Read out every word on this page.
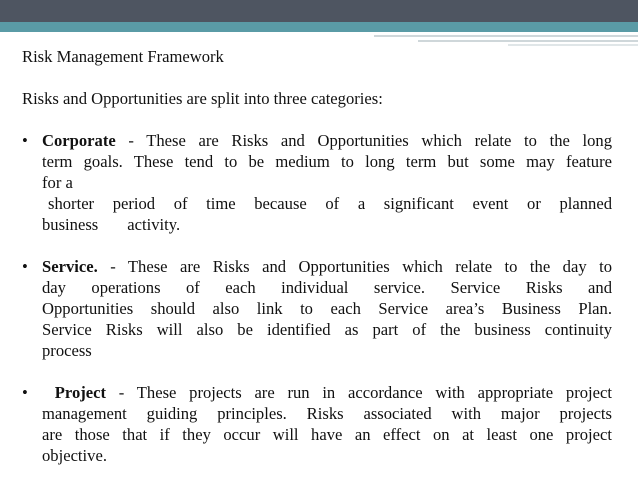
Risk Management Framework
Risks and Opportunities are split into three categories:
• Corporate - These are Risks and Opportunities which relate to the long
term goals. These tend to be medium to long term but some may feature
for a
shorter period of time because of a significant event or planned
business       activity.
• Service. - These are Risks and Opportunities which relate to the day to
day operations of each individual service. Service Risks and
Opportunities should also link to each Service area’s Business Plan.
Service Risks will also be identified as part of the business continuity
process
•	Project - These projects are run in accordance with appropriate project
management guiding principles. Risks associated with major projects
are those that if they occur will have an effect on at least one project
objective.
